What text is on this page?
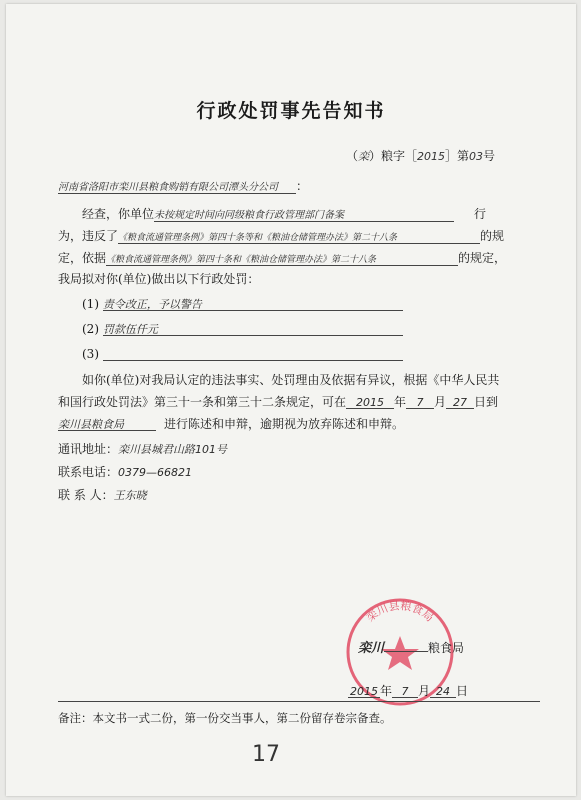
行政处罚事先告知书
（栾）粮字［2015］第03号
河南省洛阳市栾川县粮食购销有限公司潭头分公司 ：
经查，你单位未按规定时间向同级粮食行政管理部门备案	行
为，违反了《粮食流通管理条例》第四十条等和《粮油仓储管理办法》第二十八条	的规
定，依据《粮食流通管理条例》第四十条和《粮油仓储管理办法》第二十八条	的规定，
我局拟对你(单位)做出以下行政处罚：
(1) 责令改正，予以警告
(2) 罚款伍仟元
(3)
如你(单位)对我局认定的违法事实、处罚理由及依据有异议，根据《中华人民共
和国行政处罚法》第三十一条和第三十二条规定，可在 2015 年 7 月 27 日到
栾川县粮食局	进行陈述和申辩，逾期视为放弃陈述和申辩。
通讯地址：栾川县城君山路101号
联系电话：0379—66821
联 系 人：王东晓
栾川县粮食局
栾川	粮食局
2015 年 7 月 24 日
备注：本文书一式二份，第一份交当事人，第二份留存卷宗备查。
17
